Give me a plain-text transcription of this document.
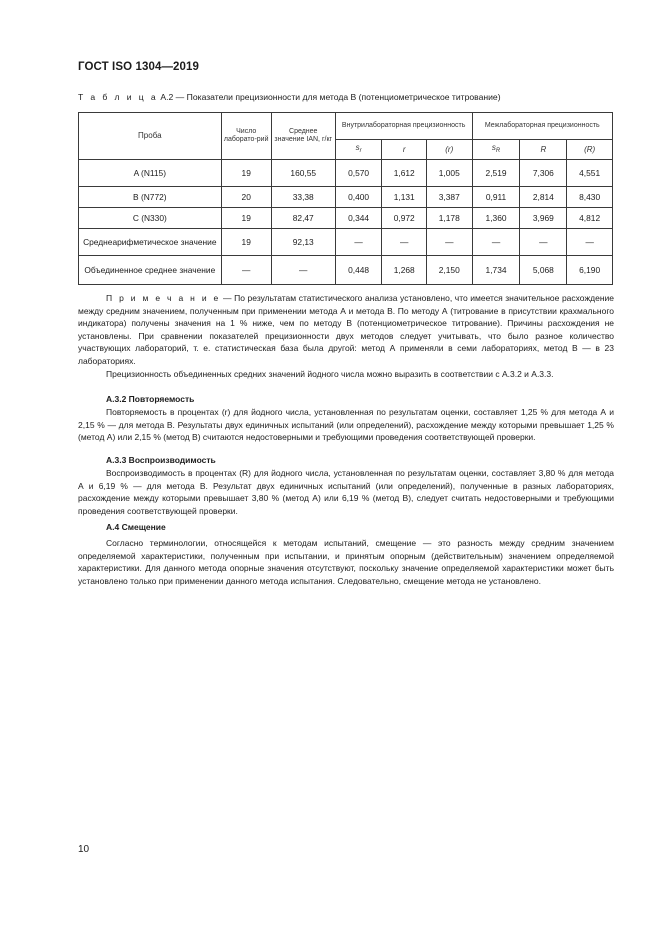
ГОСТ ISO 1304—2019
Т а б л и ц а А.2 — Показатели прецизионности для метода В (потенциометрическое титрование)
Проба	Число лаборато-рий	Среднее значение IAN, г/кг	Внутрилабораторная прецизионность			Межлабораторная прецизионность		
			$s_r$	r	(r)	$s_R$	R	(R)
A (N115)	19	160,55	0,570	1,612	1,005	2,519	7,306	4,551
B (N772)	20	33,38	0,400	1,131	3,387	0,911	2,814	8,430
C (N330)	19	82,47	0,344	0,972	1,178	1,360	3,969	4,812
Среднеарифметическое значение	19	92,13	—	—	—	—	—	—
Объединенное среднее значение	—	—	0,448	1,268	2,150	1,734	5,068	6,190

П р и м е ч а н и е — По результатам статистического анализа установлено, что имеется значительное расхождение между средним значением, полученным при применении метода А и метода В. По методу А (титрование в присутствии крахмального индикатора) получены значения на 1 % ниже, чем по методу В (потенциометрическое титрование). Причины расхождения не установлены. При сравнении показателей прецизионности двух методов следует учитывать, что было разное количество участвующих лабораторий, т. е. статистическая база была другой: метод А применяли в семи лабораториях, метод В — в 23 лабораториях.

Прецизионность объединенных средних значений йодного числа можно выразить в соответствии с А.3.2 и А.3.3.

А.3.2 Повторяемость

Повторяемость в процентах (r) для йодного числа, установленная по результатам оценки, составляет 1,25 % для метода А и 2,15 % — для метода В. Результаты двух единичных испытаний (или определений), расхождение между которыми превышает 1,25 % (метод А) или 2,15 % (метод В) считаются недостоверными и требующими проведения соответствующей проверки.

А.3.3 Воспроизводимость

Воспроизводимость в процентах (R) для йодного числа, установленная по результатам оценки, составляет 3,80 % для метода А и 6,19 % — для метода В. Результат двух единичных испытаний (или определений), полученные в разных лабораториях, расхождение между которыми превышает 3,80 % (метод А) или 6,19 % (метод В), следует считать недостоверными и требующими проведения соответствующей проверки.

А.4 Смещение

Согласно терминологии, относящейся к методам испытаний, смещение — это разность между средним значением определяемой характеристики, полученным при испытании, и принятым опорным (действительным) значением определяемой характеристики. Для данного метода опорные значения отсутствуют, поскольку значение определяемой характеристики может быть установлено только при применении данного метода испытания. Следовательно, смещение метода не установлено.

10
